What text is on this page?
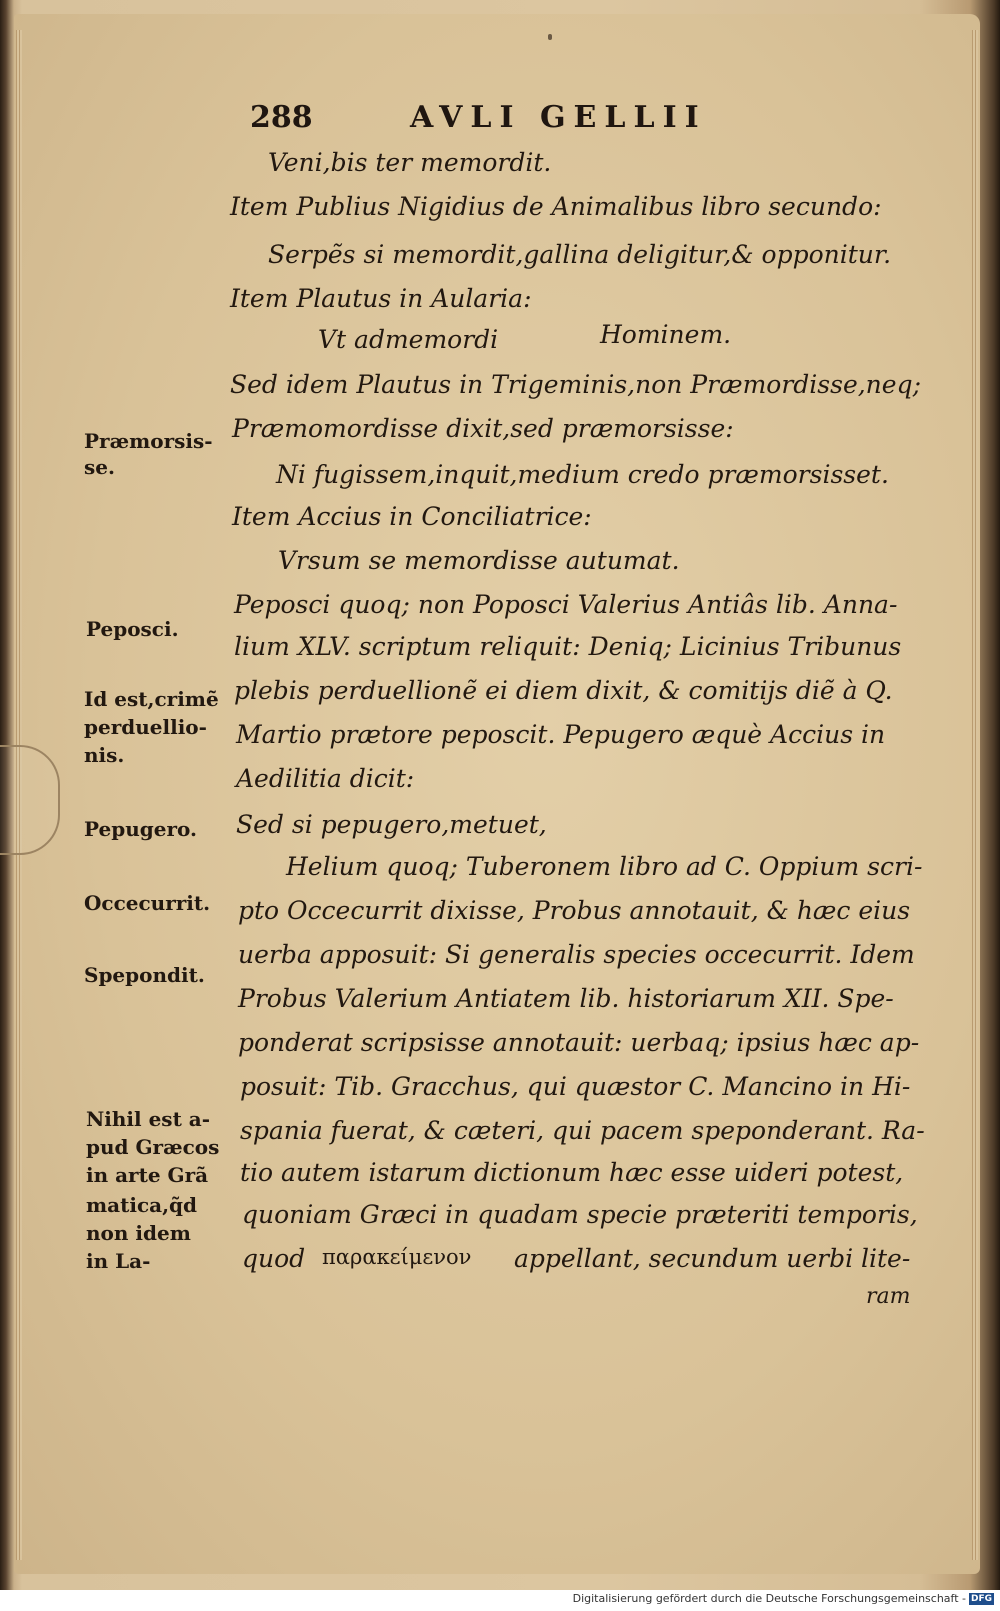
288	AVLI GELLII
Veni,bis ter memordit.
Item Publius Nigidius de Animalibus libro secundo:
Serpẽs si memordit,gallina deligitur,& opponitur.
Item Plautus in Aularia:
Vt admemordi	Hominem.
Sed idem Plautus in Trigeminis,non Præmordisse,neq;
Præmomordisse dixit,sed præmorsisse:
Ni fugissem,inquit,medium credo præmorsisset.
Item Accius in Conciliatrice:
Vrsum se memordisse autumat.
Peposci quoq; non Poposci Valerius Antiâs lib. Anna-
lium XLV. scriptum reliquit: Deniq; Licinius Tribunus
plebis perduellionẽ ei diem dixit, & comitijs diẽ à Q.
Martio prætore peposcit. Pepugero æquè Accius in
Aedilitia dicit:
Sed si pepugero,metuet,
Helium quoq; Tuberonem libro ad C. Oppium scri-
pto Occecurrit dixisse, Probus annotauit, & hæc eius
uerba apposuit: Si generalis species occecurrit. Idem
Probus Valerium Antiatem lib. historiarum XII. Spe-
ponderat scripsisse annotauit: uerbaq; ipsius hæc ap-
posuit: Tib. Gracchus, qui quæstor C. Mancino in Hi-
spania fuerat, & cæteri, qui pacem speponderant. Ra-
tio autem istarum dictionum hæc esse uideri potest,
quoniam Græci in quadam specie præteriti temporis,
quod παρακείμενον appellant, secundum uerbi lite-
ram
Præmorsis-
se.
Peposci.
Id est,crimẽ
perduellio-
nis.
Pepugero.
Occecurrit.
Spepondit.
Nihil est a-
pud Græcos
in arte Grã
matica,q̃d
non idem
in La-
Digitalisierung gefördert durch die Deutsche Forschungsgemeinschaft - DFG
